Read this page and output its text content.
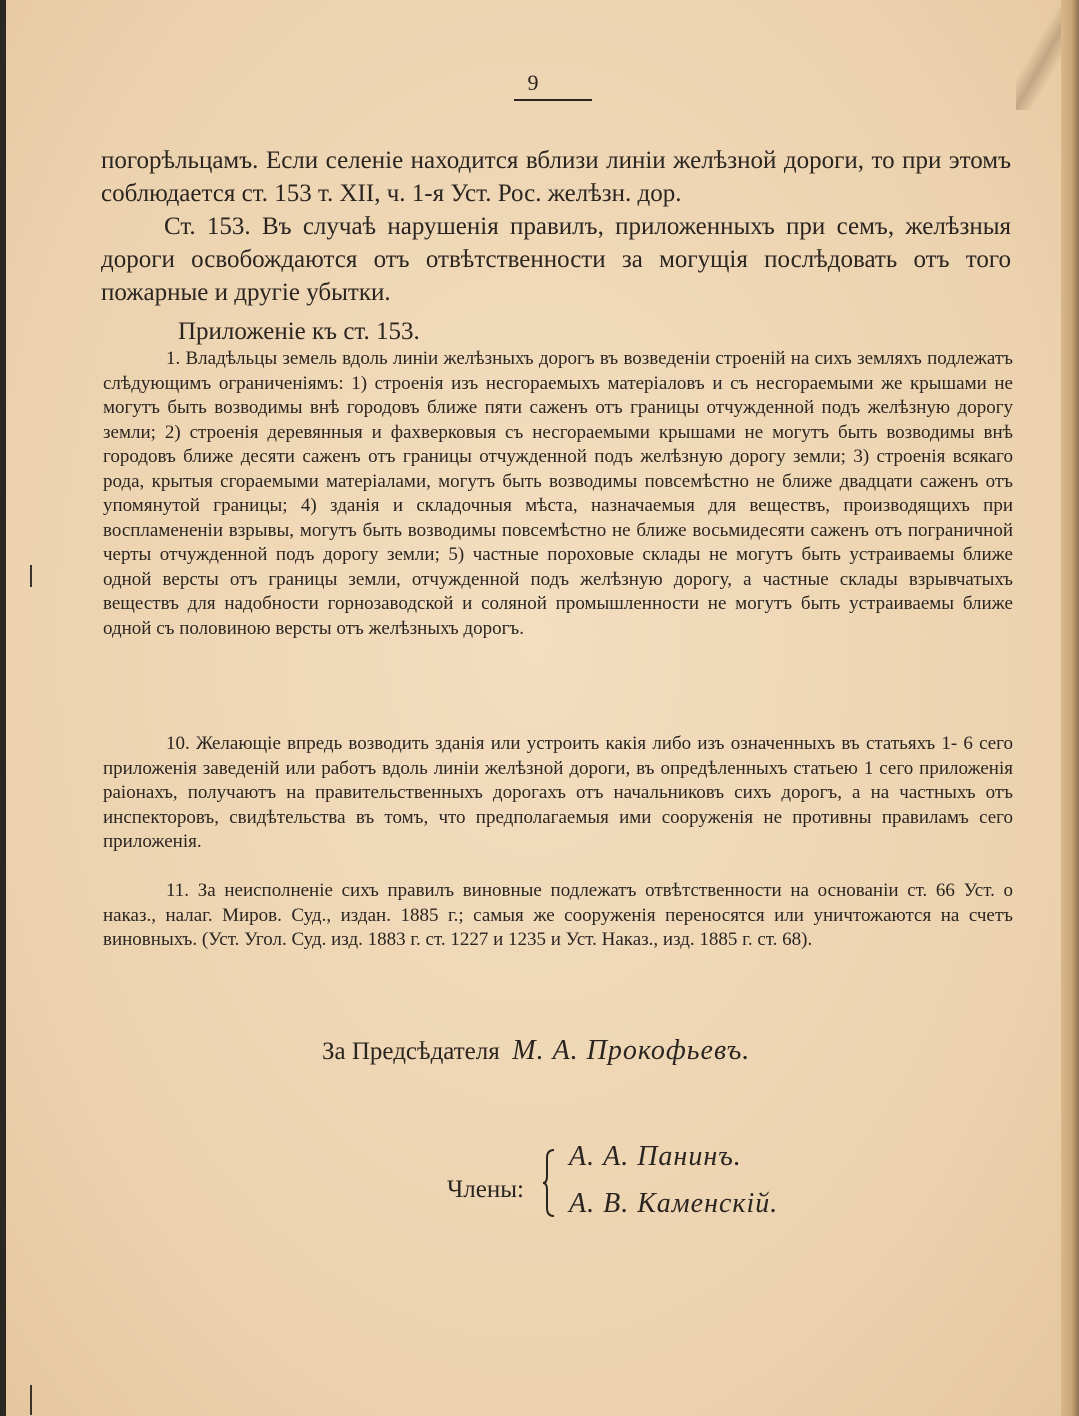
9

погорѣльцамъ. Если селеніе находится вблизи линіи желѣзной дороги, то при этомъ соблюдается ст. 153 т. XII, ч. 1-я Уст. Рос. желѣзн. дор.

Ст. 153. Въ случаѣ нарушенія правилъ, приложенныхъ при семъ, желѣзныя дороги освобождаются отъ отвѣтственности за могущія послѣдовать отъ того пожарные и другіе убытки.

Приложеніе къ ст. 153.

1. Владѣльцы земель вдоль линіи желѣзныхъ дорогъ въ возведеніи строеній на сихъ земляхъ подлежатъ слѣдующимъ ограниченіямъ: 1) строенія изъ несгораемыхъ матеріаловъ и съ несгораемыми же крышами не могутъ быть возводимы внѣ городовъ ближе пяти саженъ отъ границы отчужденной подъ желѣзную дорогу земли; 2) строенія деревянныя и фахверковыя съ несгораемыми крышами не могутъ быть возводимы внѣ городовъ ближе десяти саженъ отъ границы отчужденной подъ желѣзную дорогу земли; 3) строенія всякаго рода, крытыя сгораемыми матеріалами, могутъ быть возводимы повсемѣстно не ближе двадцати саженъ отъ упомянутой границы; 4) зданія и складочныя мѣста, назначаемыя для веществъ, производящихъ при воспламененіи взрывы, могутъ быть возводимы повсемѣстно не ближе восьмидесяти саженъ отъ пограничной черты отчужденной подъ дорогу земли; 5) частные пороховые склады не могутъ быть устраиваемы ближе одной версты отъ границы земли, отчужденной подъ желѣзную дорогу, а частные склады взрывчатыхъ веществъ для надобности горнозаводской и соляной промышленности не могутъ быть устраиваемы ближе одной съ половиною версты отъ желѣзныхъ дорогъ.

10. Желающіе впредь возводить зданія или устроить какія либо изъ означенныхъ въ статьяхъ 1- 6 сего приложенія заведеній или работъ вдоль линіи желѣзной дороги, въ опредѣленныхъ статьею 1 сего приложенія раіонахъ, получаютъ на правительственныхъ дорогахъ отъ начальниковъ сихъ дорогъ, а на частныхъ отъ инспекторовъ, свидѣтельства въ томъ, что предполагаемыя ими сооруженія не противны правиламъ сего приложенія.

11. За неисполненіе сихъ правилъ виновные подлежатъ отвѣтственности на основаніи ст. 66 Уст. о наказ., налаг. Миров. Суд., издан. 1885 г.; самыя же сооруженія переносятся или уничтожаются на счетъ виновныхъ. (Уст. Угол. Суд. изд. 1883 г. ст. 1227 и 1235 и Уст. Наказ., изд. 1885 г. ст. 68).

За Предсѣдателя М. А. Прокофьевъ.
Члены:
А. А. Панинъ.
А. В. Каменскій.
